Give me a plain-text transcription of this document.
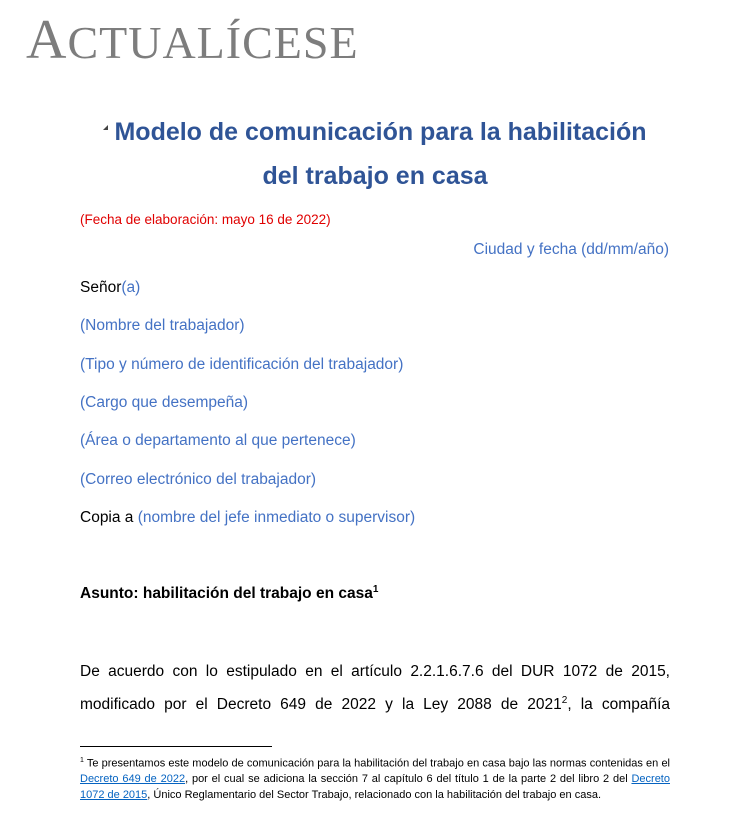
ACTUALÍCESE

Modelo de comunicación para la habilitación

del trabajo en casa

(Fecha de elaboración: mayo 16 de 2022)
Ciudad y fecha (dd/mm/año)
Señor(a)
(Nombre del trabajador)
(Tipo y número de identificación del trabajador)
(Cargo que desempeña)
(Área o departamento al que pertenece)
(Correo electrónico del trabajador)
Copia a (nombre del jefe inmediato o supervisor)
Asunto: habilitación del trabajo en casa$^1$
De acuerdo con lo estipulado en el artículo 2.2.1.6.7.6 del DUR 1072 de 2015,
modificado por el Decreto 649 de 2022 y la Ley 2088 de 2021$^2$, la compañía
$^1$ Te presentamos este modelo de comunicación para la habilitación del trabajo en casa bajo las normas contenidas en el Decreto 649 de 2022, por el cual se adiciona la sección 7 al capítulo 6 del título 1 de la parte 2 del libro 2 del Decreto 1072 de 2015, Único Reglamentario del Sector Trabajo, relacionado con la habilitación del trabajo en casa.
